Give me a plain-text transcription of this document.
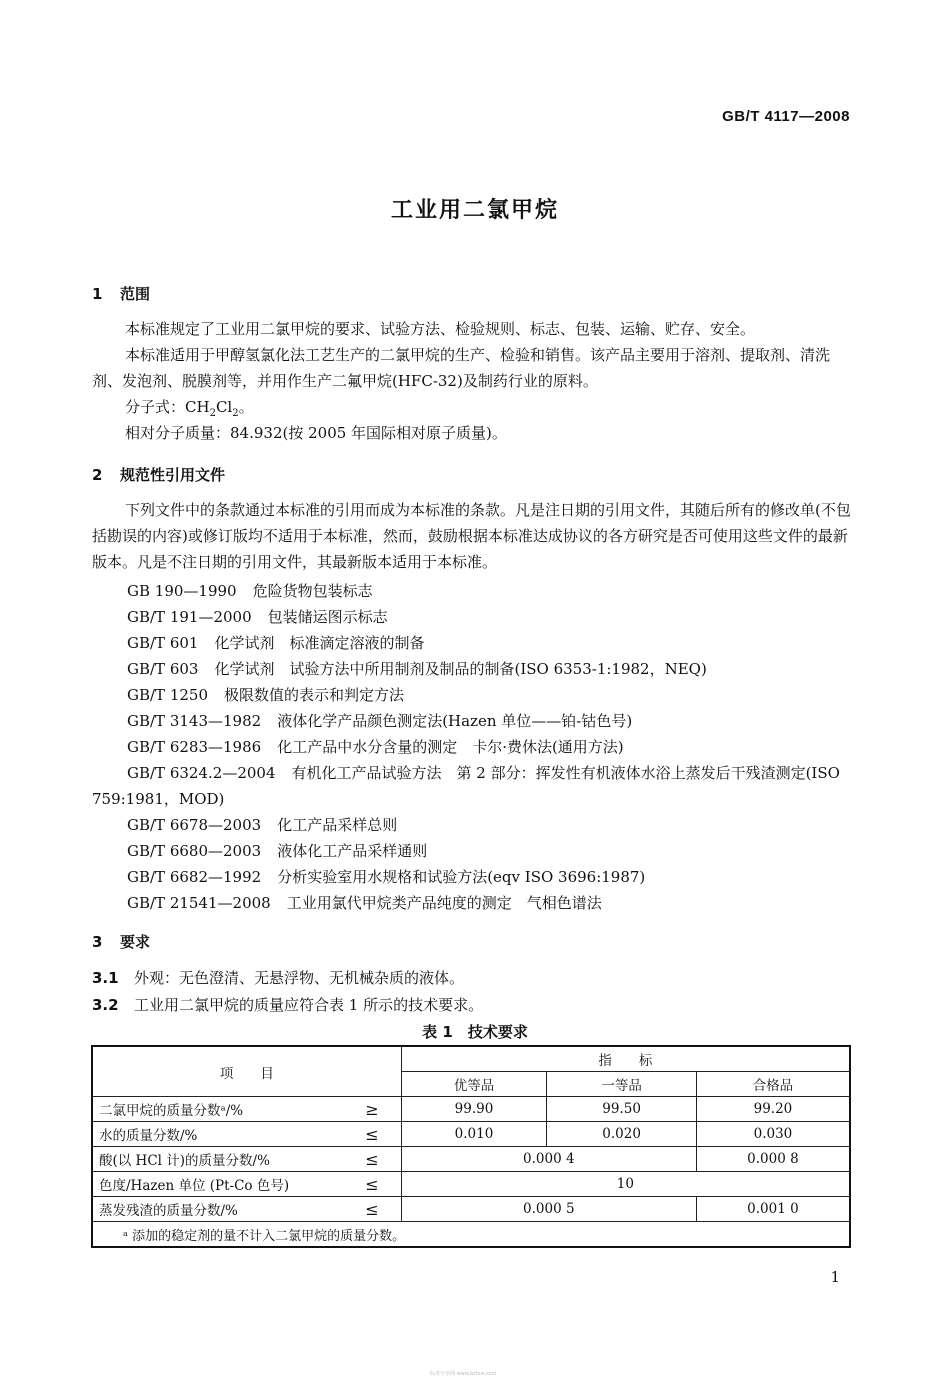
GB/T 4117—2008
工业用二氯甲烷
1 范围
本标准规定了工业用二氯甲烷的要求、试验方法、检验规则、标志、包装、运输、贮存、安全。
本标准适用于甲醇氢氯化法工艺生产的二氯甲烷的生产、检验和销售。该产品主要用于溶剂、提取剂、清洗剂、发泡剂、脱膜剂等，并用作生产二氟甲烷(HFC-32)及制药行业的原料。
分子式：$CH_2Cl_2$。
相对分子质量：84.932(按 2005 年国际相对原子质量)。
2 规范性引用文件
下列文件中的条款通过本标准的引用而成为本标准的条款。凡是注日期的引用文件，其随后所有的修改单(不包括勘误的内容)或修订版均不适用于本标准，然而，鼓励根据本标准达成协议的各方研究是否可使用这些文件的最新版本。凡是不注日期的引用文件，其最新版本适用于本标准。
GB 190—1990 危险货物包装标志
GB/T 191—2000 包装储运图示标志
GB/T 601 化学试剂　标准滴定溶液的制备
GB/T 603 化学试剂　试验方法中所用制剂及制品的制备(ISO 6353-1:1982，NEQ)
GB/T 1250 极限数值的表示和判定方法
GB/T 3143—1982 液体化学产品颜色测定法(Hazen 单位——铂-钴色号)
GB/T 6283—1986 化工产品中水分含量的测定　卡尔·费休法(通用方法)
GB/T 6324.2—2004 有机化工产品试验方法　第 2 部分：挥发性有机液体水浴上蒸发后干残渣测定(ISO 759:1981，MOD)
GB/T 6678—2003 化工产品采样总则
GB/T 6680—2003 液体化工产品采样通则
GB/T 6682—1992 分析实验室用水规格和试验方法(eqv ISO 3696:1987)
GB/T 21541—2008 工业用氯代甲烷类产品纯度的测定　气相色谱法
3 要求
3.1 外观：无色澄清、无悬浮物、无机械杂质的液体。
3.2 工业用二氯甲烷的质量应符合表 1 所示的技术要求。
表 1　技术要求
项　　目		指　　标		
		优等品	一等品	合格品
二氯甲烷的质量分数ᵃ/%	≥	99.90	99.50	99.20
水的质量分数/%	≤	0.010	0.020	0.030
酸(以 HCl 计)的质量分数/%	≤	0.000 4		0.000 8
色度/Hazen 单位 (Pt-Co 色号)	≤	10		
蒸发残渣的质量分数/%	≤	0.000 5		0.001 0
ᵃ 添加的稳定剂的量不计入二氯甲烷的质量分数。				
1
标准分享网 www.bzfxw.com
